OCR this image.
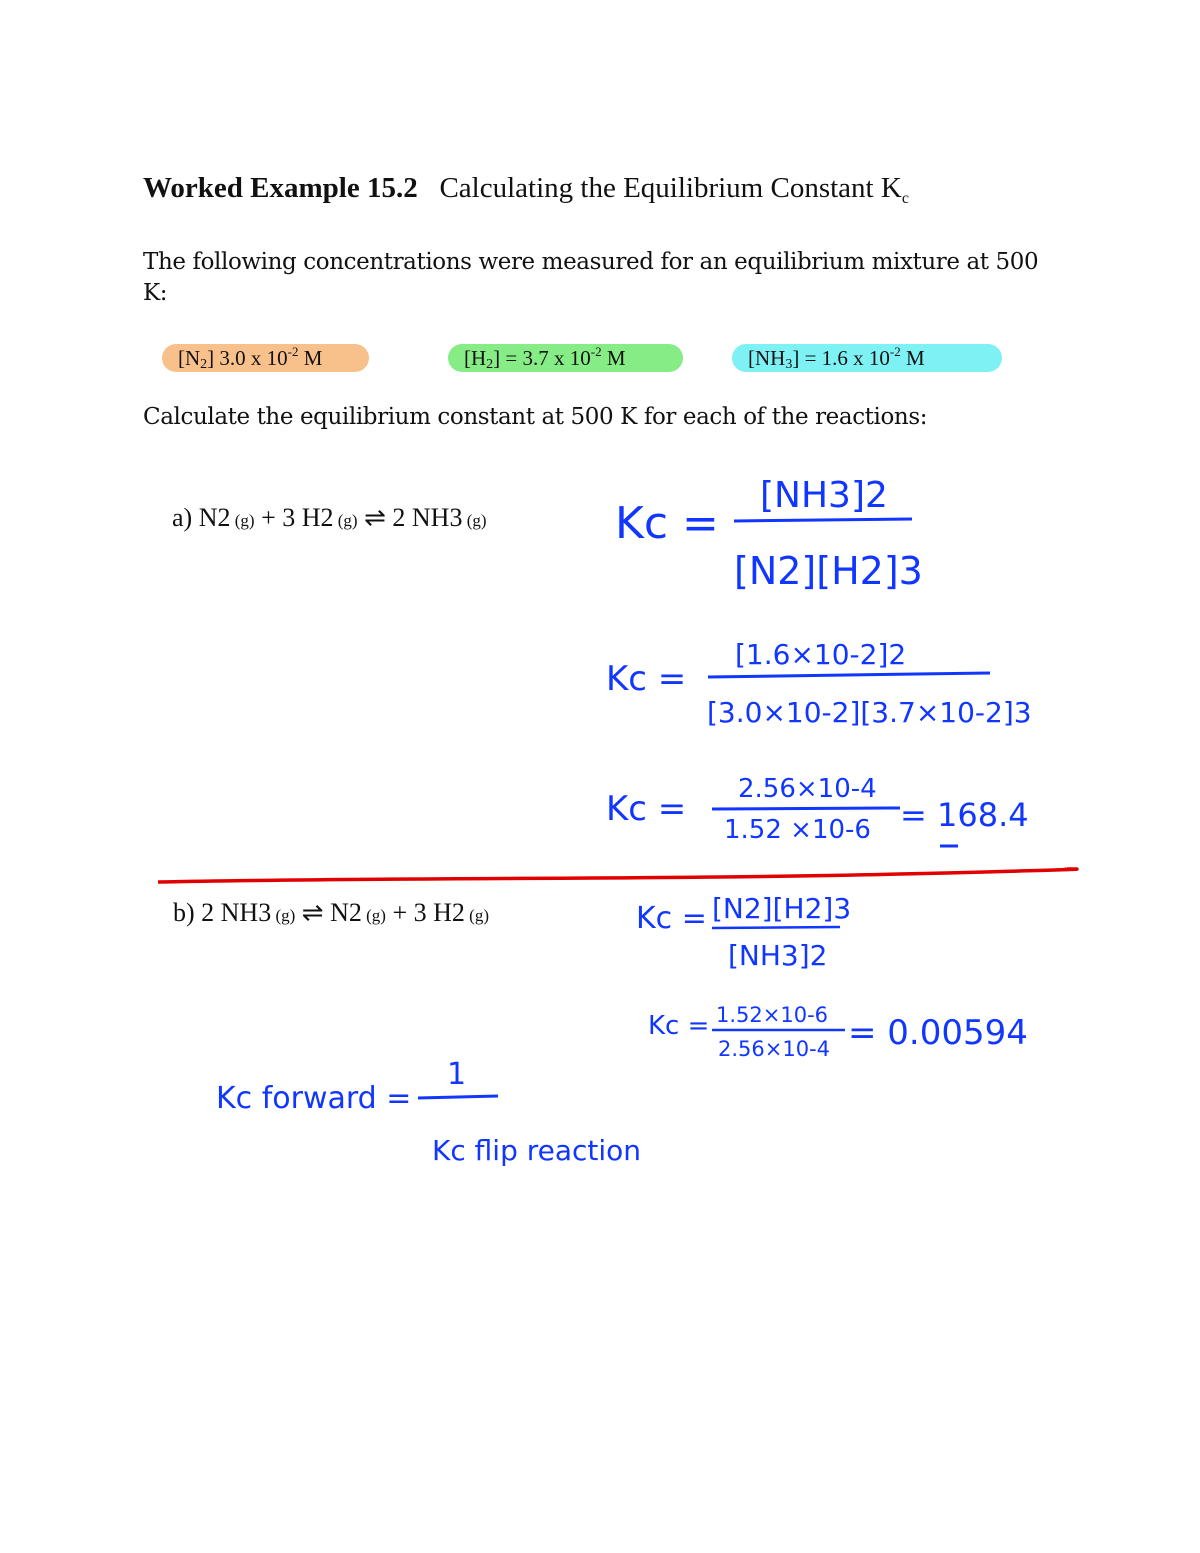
Worked Example 15.2 Calculating the Equilibrium Constant $K_c$
The following concentrations were measured for an equilibrium mixture at 500 K:
$[N_2]$ 3.0 x $10^{-2}$ M	$[H_2] = 3.7$ x $10^{-2}$ M	$[NH_3] = 1.6$ x $10^{-2}$ M
Calculate the equilibrium constant at 500 K for each of the reactions:
a) N2 (g) + 3 H2 (g) ⇌ 2 NH3 (g)
b) 2 NH3 (g) ⇌ N2 (g) + 3 H2 (g)
Kc =
[NH3]2
[N2][H2]3
Kc =
[1.6×10-2]2
[3.0×10-2][3.7×10-2]3
Kc = 2.56×10-4
1.52 ×10-6 = 168.4
Kc = [N2][H2]3
[NH3]2
Kc = 1.52×10-6
2.56×10-4 = 0.00594
Kc forward =
1
Kc flip reaction
